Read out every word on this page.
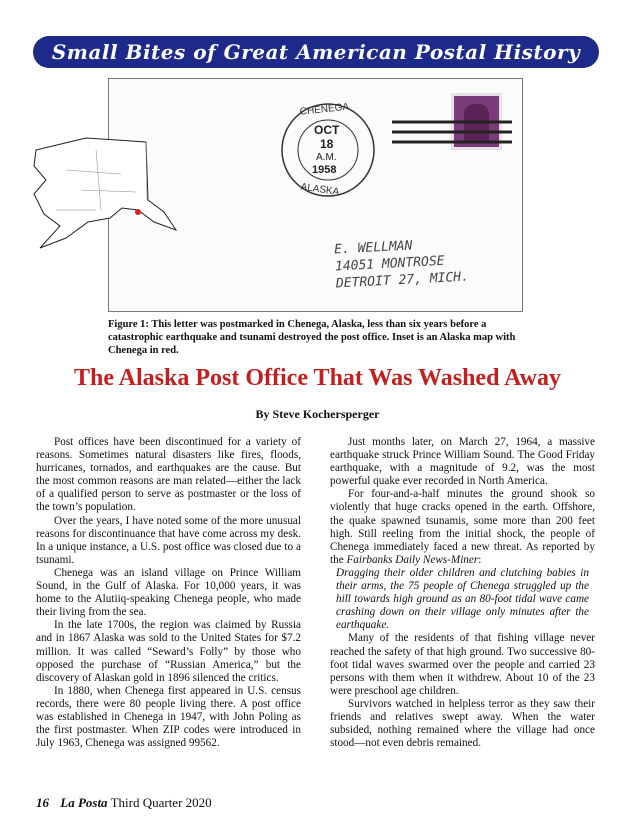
Small Bites of Great American Postal History
CHENEGA
OCT
18
A.M.
1958
ALASKA
E. WELLMAN
14051 MONTROSE
DETROIT 27, MICH.
Figure 1: This letter was postmarked in Chenega, Alaska, less than six years before a catastrophic earthquake and tsunami destroyed the post office. Inset is an Alaska map with Chenega in red.
The Alaska Post Office That Was Washed Away
By Steve Kochersperger

Post offices have been discontinued for a variety of reasons. Sometimes natural disasters like fires, floods, hurricanes, tornados, and earthquakes are the cause. But the most common reasons are man related—either the lack of a qualified person to serve as postmaster or the loss of the town’s population.

Over the years, I have noted some of the more unusual reasons for discontinuance that have come across my desk. In a unique instance, a U.S. post office was closed due to a tsunami.

Chenega was an island village on Prince William Sound, in the Gulf of Alaska. For 10,000 years, it was home to the Alutiiq-speaking Chenega people, who made their living from the sea.

In the late 1700s, the region was claimed by Russia and in 1867 Alaska was sold to the United States for $7.2 million. It was called “Seward’s Folly” by those who opposed the purchase of “Russian America,” but the discovery of Alaskan gold in 1896 silenced the critics.

In 1880, when Chenega first appeared in U.S. census records, there were 80 people living there. A post office was established in Chenega in 1947, with John Poling as the first postmaster. When ZIP codes were introduced in July 1963, Chenega was assigned 99562.

Just months later, on March 27, 1964, a massive earthquake struck Prince William Sound. The Good Friday earthquake, with a magnitude of 9.2, was the most powerful quake ever recorded in North America.

For four-and-a-half minutes the ground shook so violently that huge cracks opened in the earth. Offshore, the quake spawned tsunamis, some more than 200 feet high. Still reeling from the initial shock, the people of Chenega immediately faced a new threat. As reported by the Fairbanks Daily News-Miner:

Dragging their older children and clutching babies in their arms, the 75 people of Chenega struggled up the hill towards high ground as an 80-foot tidal wave came crashing down on their village only minutes after the earthquake.

Many of the residents of that fishing village never reached the safety of that high ground. Two successive 80-foot tidal waves swarmed over the people and carried 23 persons with them when it withdrew. About 10 of the 23 were preschool age children.

Survivors watched in helpless terror as they saw their friends and relatives swept away. When the water subsided, nothing remained where the village had once stood—not even debris remained.

16 La Posta Third Quarter 2020
